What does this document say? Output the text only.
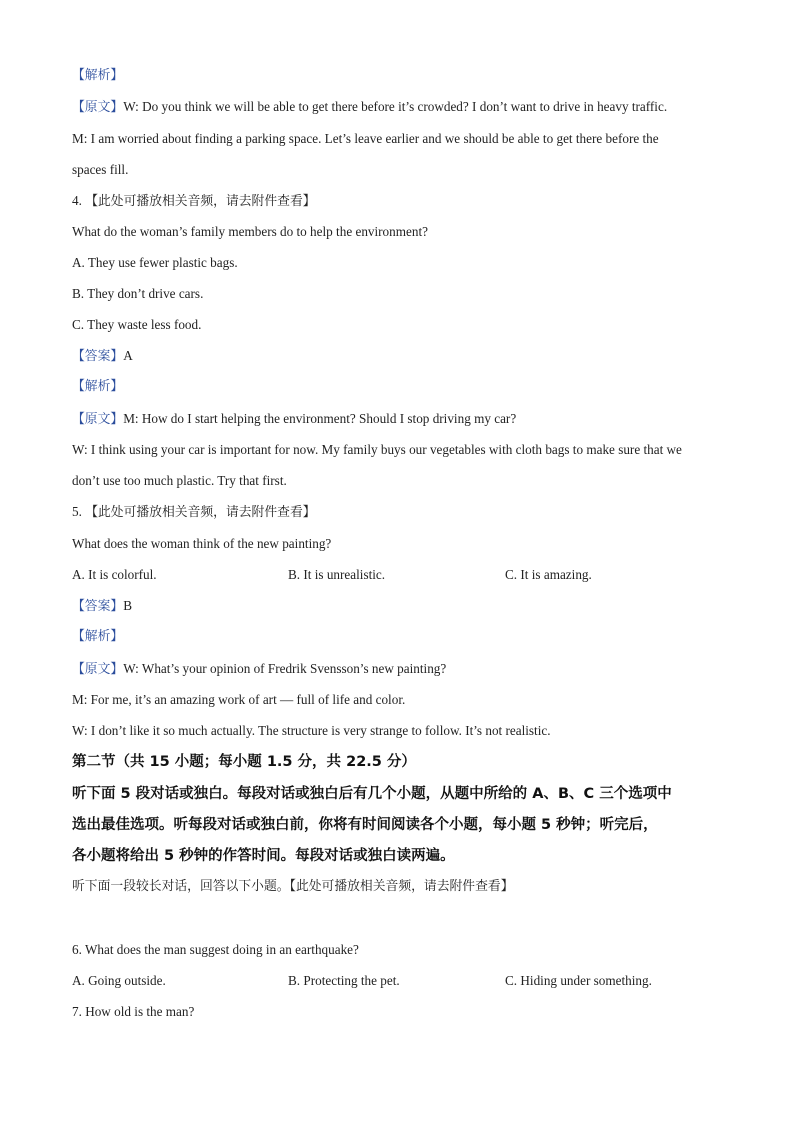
【解析】

【原文】W: Do you think we will be able to get there before it’s crowded? I don’t want to drive in heavy traffic.

M: I am worried about finding a parking space. Let’s leave earlier and we should be able to get there before the

spaces fill.

4. 【此处可播放相关音频，请去附件查看】

What do the woman’s family members do to help the environment?

A. They use fewer plastic bags.

B. They don’t drive cars.

C. They waste less food.

【答案】A

【解析】

【原文】M: How do I start helping the environment? Should I stop driving my car?

W: I think using your car is important for now. My family buys our vegetables with cloth bags to make sure that we

don’t use too much plastic. Try that first.

5. 【此处可播放相关音频，请去附件查看】

What does the woman think of the new painting?

A. It is colorful.	B. It is unrealistic.	C. It is amazing.

【答案】B

【解析】

【原文】W: What’s your opinion of Fredrik Svensson’s new painting?

M: For me, it’s an amazing work of art — full of life and color.

W: I don’t like it so much actually. The structure is very strange to follow. It’s not realistic.

第二节（共 15 小题；每小题 1.5 分，共 22.5 分）

听下面 5 段对话或独白。每段对话或独白后有几个小题，从题中所给的 A、B、C 三个选项中

选出最佳选项。听每段对话或独白前，你将有时间阅读各个小题，每小题 5 秒钟；听完后，

各小题将给出 5 秒钟的作答时间。每段对话或独白读两遍。

听下面一段较长对话，回答以下小题。【此处可播放相关音频，请去附件查看】

6. What does the man suggest doing in an earthquake?

A. Going outside.	B. Protecting the pet.	C. Hiding under something.

7. How old is the man?
